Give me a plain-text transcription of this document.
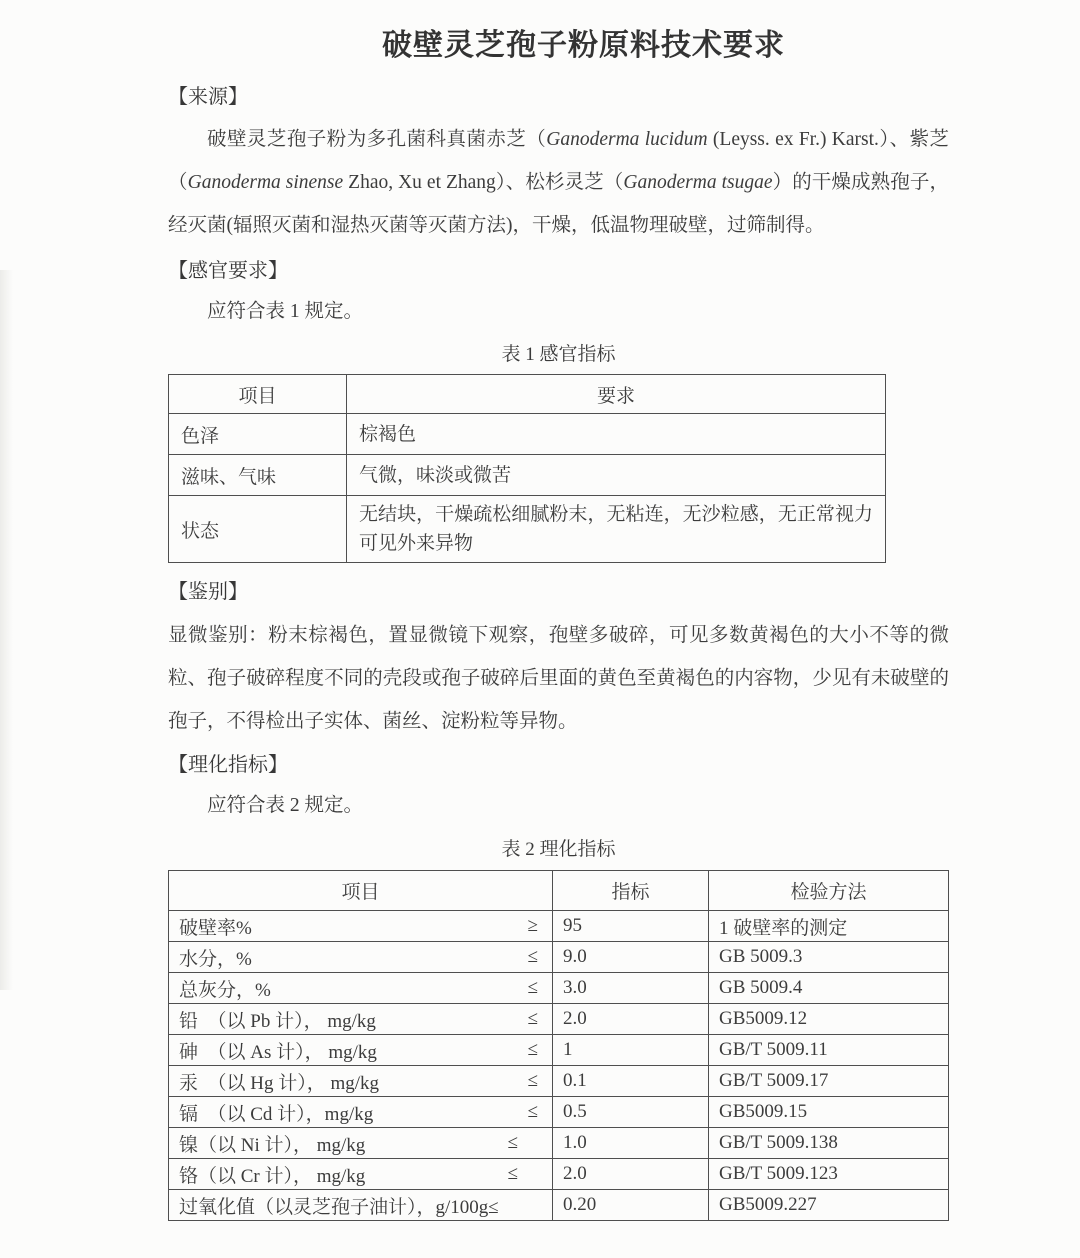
破壁灵芝孢子粉原料技术要求
【来源】
破壁灵芝孢子粉为多孔菌科真菌赤芝（Ganoderma lucidum (Leyss. ex Fr.) Karst.）、紫芝（Ganoderma sinense Zhao, Xu et Zhang）、松杉灵芝（Ganoderma tsugae）的干燥成熟孢子，经灭菌(辐照灭菌和湿热灭菌等灭菌方法)，干燥，低温物理破壁，过筛制得。
【感官要求】
应符合表 1 规定。
表 1 感官指标
项目	要求
色泽	棕褐色
滋味、气味	气微，味淡或微苦
状态	无结块，干燥疏松细腻粉末，无粘连，无沙粒感，无正常视力可见外来异物
【鉴别】
显微鉴别：粉末棕褐色，置显微镜下观察，孢壁多破碎，可见多数黄褐色的大小不等的微粒、孢子破碎程度不同的壳段或孢子破碎后里面的黄色至黄褐色的内容物，少见有未破壁的孢子，不得检出子实体、菌丝、淀粉粒等异物。
【理化指标】
应符合表 2 规定。
表 2 理化指标
项目	指标	检验方法

破壁率% ≥	95	1 破壁率的测定

水分，% ≤	9.0	GB 5009.3

总灰分，% ≤	3.0	GB 5009.4

铅　（以 Pb 计）， mg/kg ≤	2.0	GB5009.12

砷　（以 As 计）， mg/kg ≤	1	GB/T 5009.11

汞　（以 Hg 计）， mg/kg ≤	0.1	GB/T 5009.17

镉　（以 Cd 计），mg/kg ≤	0.5	GB5009.15

镍（以 Ni 计）， mg/kg ≤	1.0	GB/T 5009.138

铬（以 Cr 计）， mg/kg ≤	2.0	GB/T 5009.123

过氧化值（以灵芝孢子油计），g/100g≤	0.20	GB5009.227
